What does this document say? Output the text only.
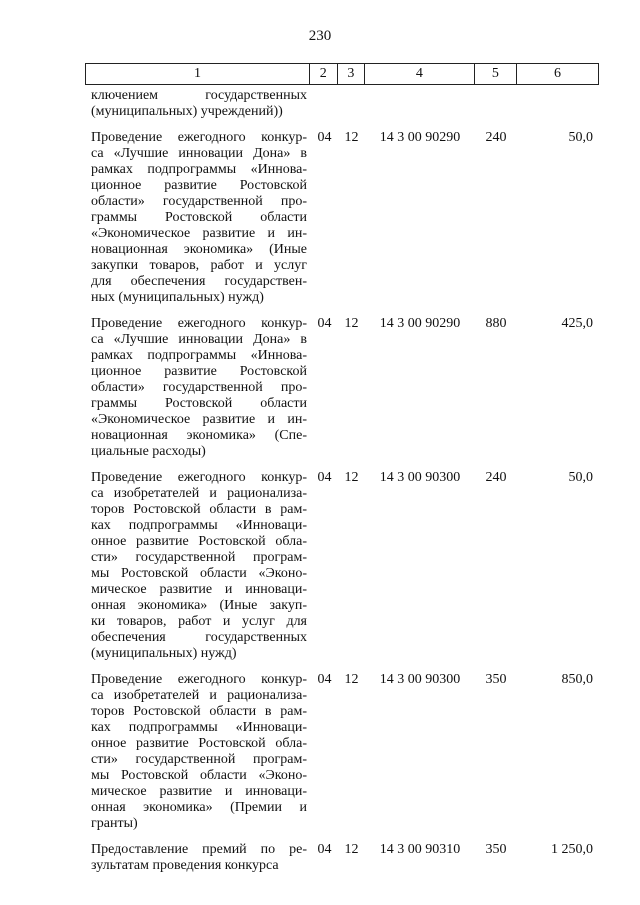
230
1	2	3	4	5	6
ключением государственных
(муниципальных) учреждений))
Проведение ежегодного конкур-
са «Лучшие инновации Дона» в
рамках подпрограммы «Иннова-
ционное развитие Ростовской
области» государственной про-
граммы Ростовской области
«Экономическое развитие и ин-
новационная экономика» (Иные
закупки товаров, работ и услуг
для обеспечения государствен-
ных (муниципальных) нужд)
04 12	14 3 00 90290	240	50,0
Проведение ежегодного конкур-
са «Лучшие инновации Дона» в
рамках подпрограммы «Иннова-
ционное развитие Ростовской
области» государственной про-
граммы Ростовской области
«Экономическое развитие и ин-
новационная экономика» (Спе-
циальные расходы)
04 12	14 3 00 90290	880	425,0
Проведение ежегодного конкур-
са изобретателей и рационализа-
торов Ростовской области в рам-
ках подпрограммы «Инноваци-
онное развитие Ростовской обла-
сти» государственной програм-
мы Ростовской области «Эконо-
мическое развитие и инноваци-
онная экономика» (Иные закуп-
ки товаров, работ и услуг для
обеспечения государственных
(муниципальных) нужд)
04 12	14 3 00 90300	240	50,0
Проведение ежегодного конкур-
са изобретателей и рационализа-
торов Ростовской области в рам-
ках подпрограммы «Инноваци-
онное развитие Ростовской обла-
сти» государственной програм-
мы Ростовской области «Эконо-
мическое развитие и инноваци-
онная экономика» (Премии и
гранты)
04 12	14 3 00 90300	350	850,0
Предоставление премий по ре-
зультатам проведения конкурса
04 12	14 3 00 90310	350	1 250,0
